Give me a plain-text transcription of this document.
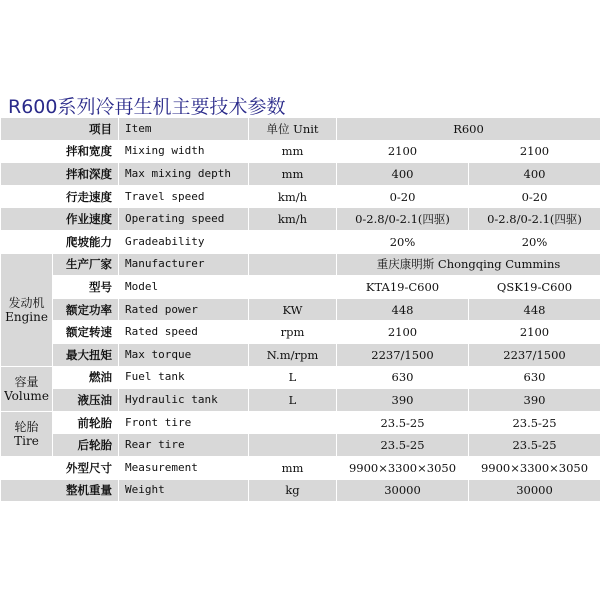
R600系列冷再生机主要技术参数
项目		Item	单位 Unit	R600	
拌和宽度		Mixing width	mm	2100	2100
拌和深度		Max mixing depth	mm	400	400
行走速度		Travel speed	km/h	0-20	0-20
作业速度		Operating speed	km/h	0-2.8/0-2.1(四驱)	0-2.8/0-2.1(四驱)
爬坡能力		Gradeability		20%	20%

发动机
Engine	生产厂家	Manufacturer		重庆康明斯 Chongqing Cummins	
	型号	Model		KTA19-C600	QSK19-C600
	额定功率	Rated power	KW	448	448
	额定转速	Rated speed	rpm	2100	2100
	最大扭矩	Max torque	N.m/rpm	2237/1500	2237/1500

容量
Volume	燃油	Fuel tank	L	630	630
	液压油	Hydraulic tank	L	390	390

轮胎
Tire	前轮胎	Front tire		23.5-25	23.5-25
	后轮胎	Rear tire		23.5-25	23.5-25
外型尺寸		Measurement	mm	9900×3300×3050	9900×3300×3050
整机重量		Weight	kg	30000	30000
